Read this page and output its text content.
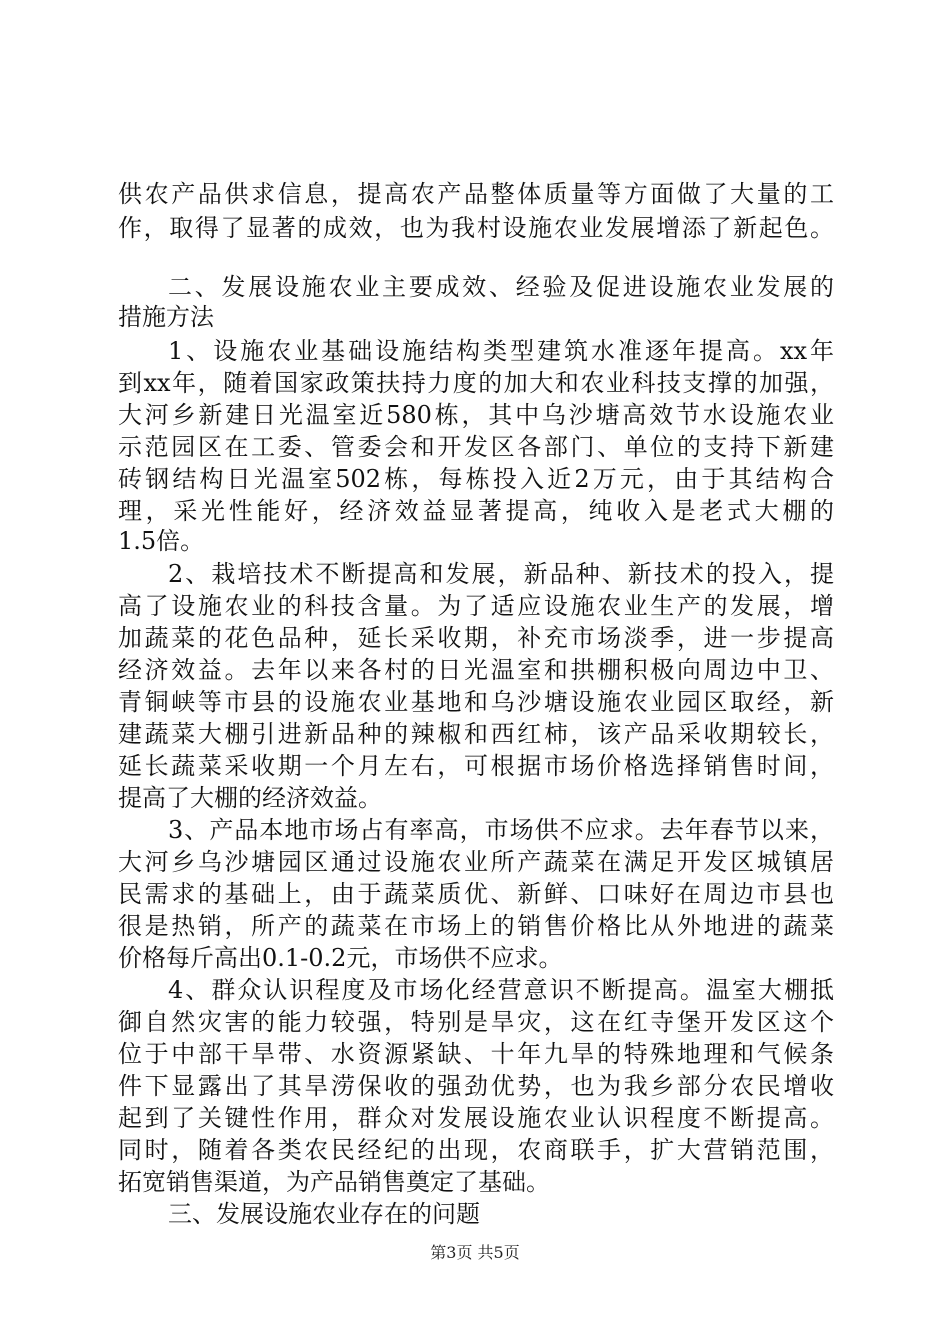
供农产品供求信息，提高农产品整体质量等方面做了大量的工
作，取得了显著的成效，也为我村设施农业发展增添了新起色。
二、发展设施农业主要成效、经验及促进设施农业发展的
措施方法
1、设施农业基础设施结构类型建筑水准逐年提高。xx年
到xx年，随着国家政策扶持力度的加大和农业科技支撑的加强，
大河乡新建日光温室近580栋，其中乌沙塘高效节水设施农业
示范园区在工委、管委会和开发区各部门、单位的支持下新建
砖钢结构日光温室502栋，每栋投入近2万元，由于其结构合
理，采光性能好，经济效益显著提高，纯收入是老式大棚的
1.5倍。
2、栽培技术不断提高和发展，新品种、新技术的投入，提
高了设施农业的科技含量。为了适应设施农业生产的发展，增
加蔬菜的花色品种，延长采收期，补充市场淡季，进一步提高
经济效益。去年以来各村的日光温室和拱棚积极向周边中卫、
青铜峡等市县的设施农业基地和乌沙塘设施农业园区取经，新
建蔬菜大棚引进新品种的辣椒和西红柿，该产品采收期较长，
延长蔬菜采收期一个月左右，可根据市场价格选择销售时间，
提高了大棚的经济效益。
3、产品本地市场占有率高，市场供不应求。去年春节以来，
大河乡乌沙塘园区通过设施农业所产蔬菜在满足开发区城镇居
民需求的基础上，由于蔬菜质优、新鲜、口味好在周边市县也
很是热销，所产的蔬菜在市场上的销售价格比从外地进的蔬菜
价格每斤高出0.1-0.2元，市场供不应求。
4、群众认识程度及市场化经营意识不断提高。温室大棚抵
御自然灾害的能力较强，特别是旱灾，这在红寺堡开发区这个
位于中部干旱带、水资源紧缺、十年九旱的特殊地理和气候条
件下显露出了其旱涝保收的强劲优势，也为我乡部分农民增收
起到了关键性作用，群众对发展设施农业认识程度不断提高。
同时，随着各类农民经纪的出现，农商联手，扩大营销范围，
拓宽销售渠道，为产品销售奠定了基础。
三、发展设施农业存在的问题
第3页 共5页
